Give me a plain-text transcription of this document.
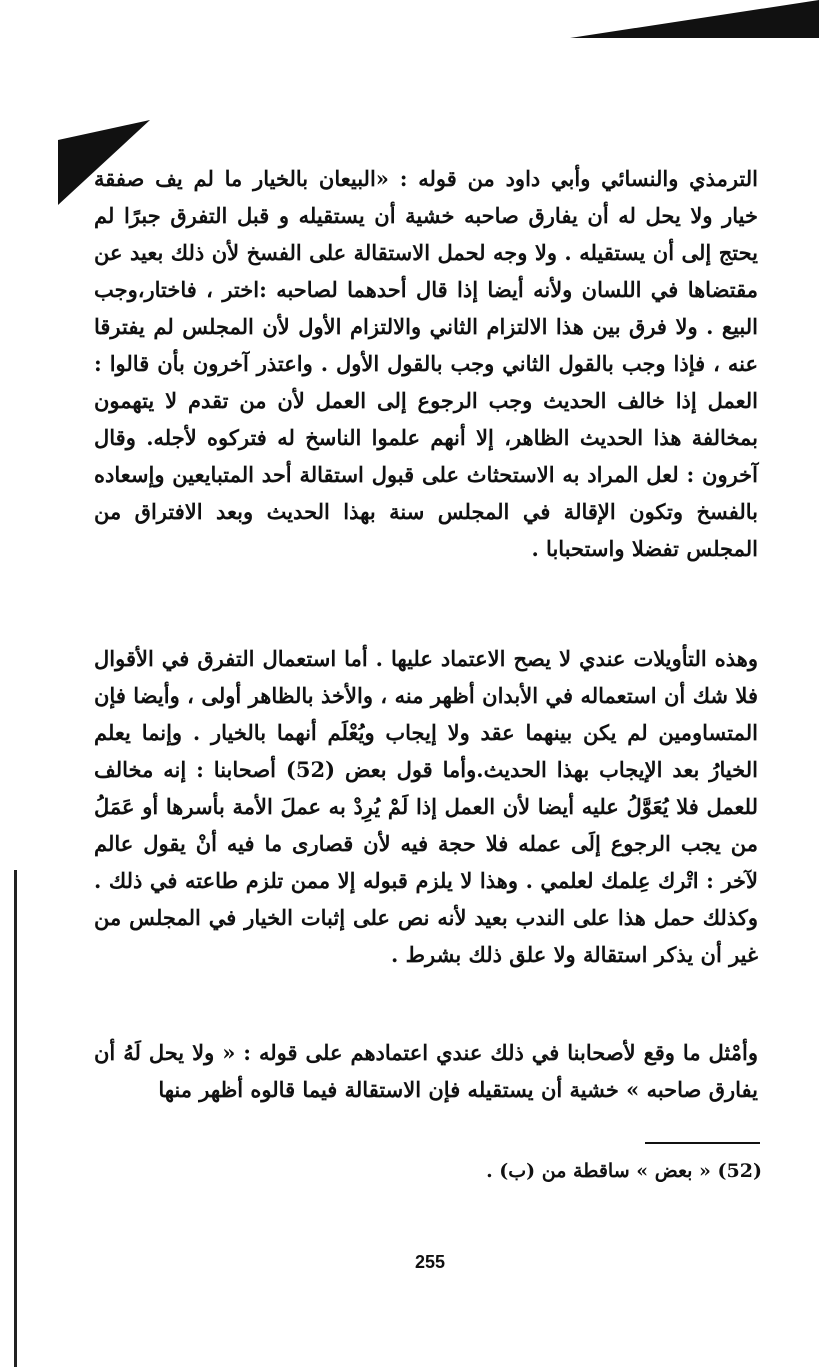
الترمذي والنسائي وأبي داود من قوله : «البيعان بالخيار ما لم يف صفقة خيار ولا يحل له أن يفارق صاحبه خشية أن يستقيله و قبل التفرق جبرًا لم يحتج إلى أن يستقيله . ولا وجه لحمل الاستقالة على الفسخ لأن ذلك بعيد عن مقتضاها في اللسان ولأنه أيضا إذا قال أحدهما لصاحبه :اختر ، فاختار،وجب البيع . ولا فرق بين هذا الالتزام الثاني والالتزام الأول لأن المجلس لم يفترقا عنه ، فإذا وجب بالقول الثاني وجب بالقول الأول . واعتذر آخرون بأن قالوا : العمل إذا خالف الحديث وجب الرجوع إلى العمل لأن من تقدم لا يتهمون بمخالفة هذا الحديث الظاهر، إلا أنهم علموا الناسخ له فتركوه لأجله. وقال آخرون : لعل المراد به الاستحثاث على قبول استقالة أحد المتبايعين وإسعاده بالفسخ وتكون الإقالة في المجلس سنة بهذا الحديث وبعد الافتراق من المجلس تفضلا واستحبابا .

وهذه التأويلات عندي لا يصح الاعتماد عليها . أما استعمال التفرق في الأقوال فلا شك أن استعماله في الأبدان أظهر منه ، والأخذ بالظاهر أولى ، وأيضا فإن المتساومين لم يكن بينهما عقد ولا إيجاب ويُعْلَم أنهما بالخيار . وإنما يعلم الخيارُ بعد الإيجاب بهذا الحديث.وأما قول بعض (52) أصحابنا : إنه مخالف للعمل فلا يُعَوَّلُ عليه أيضا لأن العمل إذا لَمْ يُرِدْ به عملَ الأمة بأسرها أو عَمَلُ من يجب الرجوع إلَى عمله فلا حجة فيه لأن قصارى ما فيه أنْ يقول عالم لآخر : اتْرك عِلمك لعلمي . وهذا لا يلزم قبوله إلا ممن تلزم طاعته في ذلك . وكذلك حمل هذا على الندب بعيد لأنه نص على إثبات الخيار في المجلس من غير أن يذكر استقالة ولا علق ذلك بشرط .

وأمْثل ما وقع لأصحابنا في ذلك عندي اعتمادهم على قوله : « ولا يحل لَهُ أن يفارق صاحبه » خشية أن يستقيله فإن الاستقالة فيما قالوه أظهر منها

(52) « بعض » ساقطة من (ب) .
255
